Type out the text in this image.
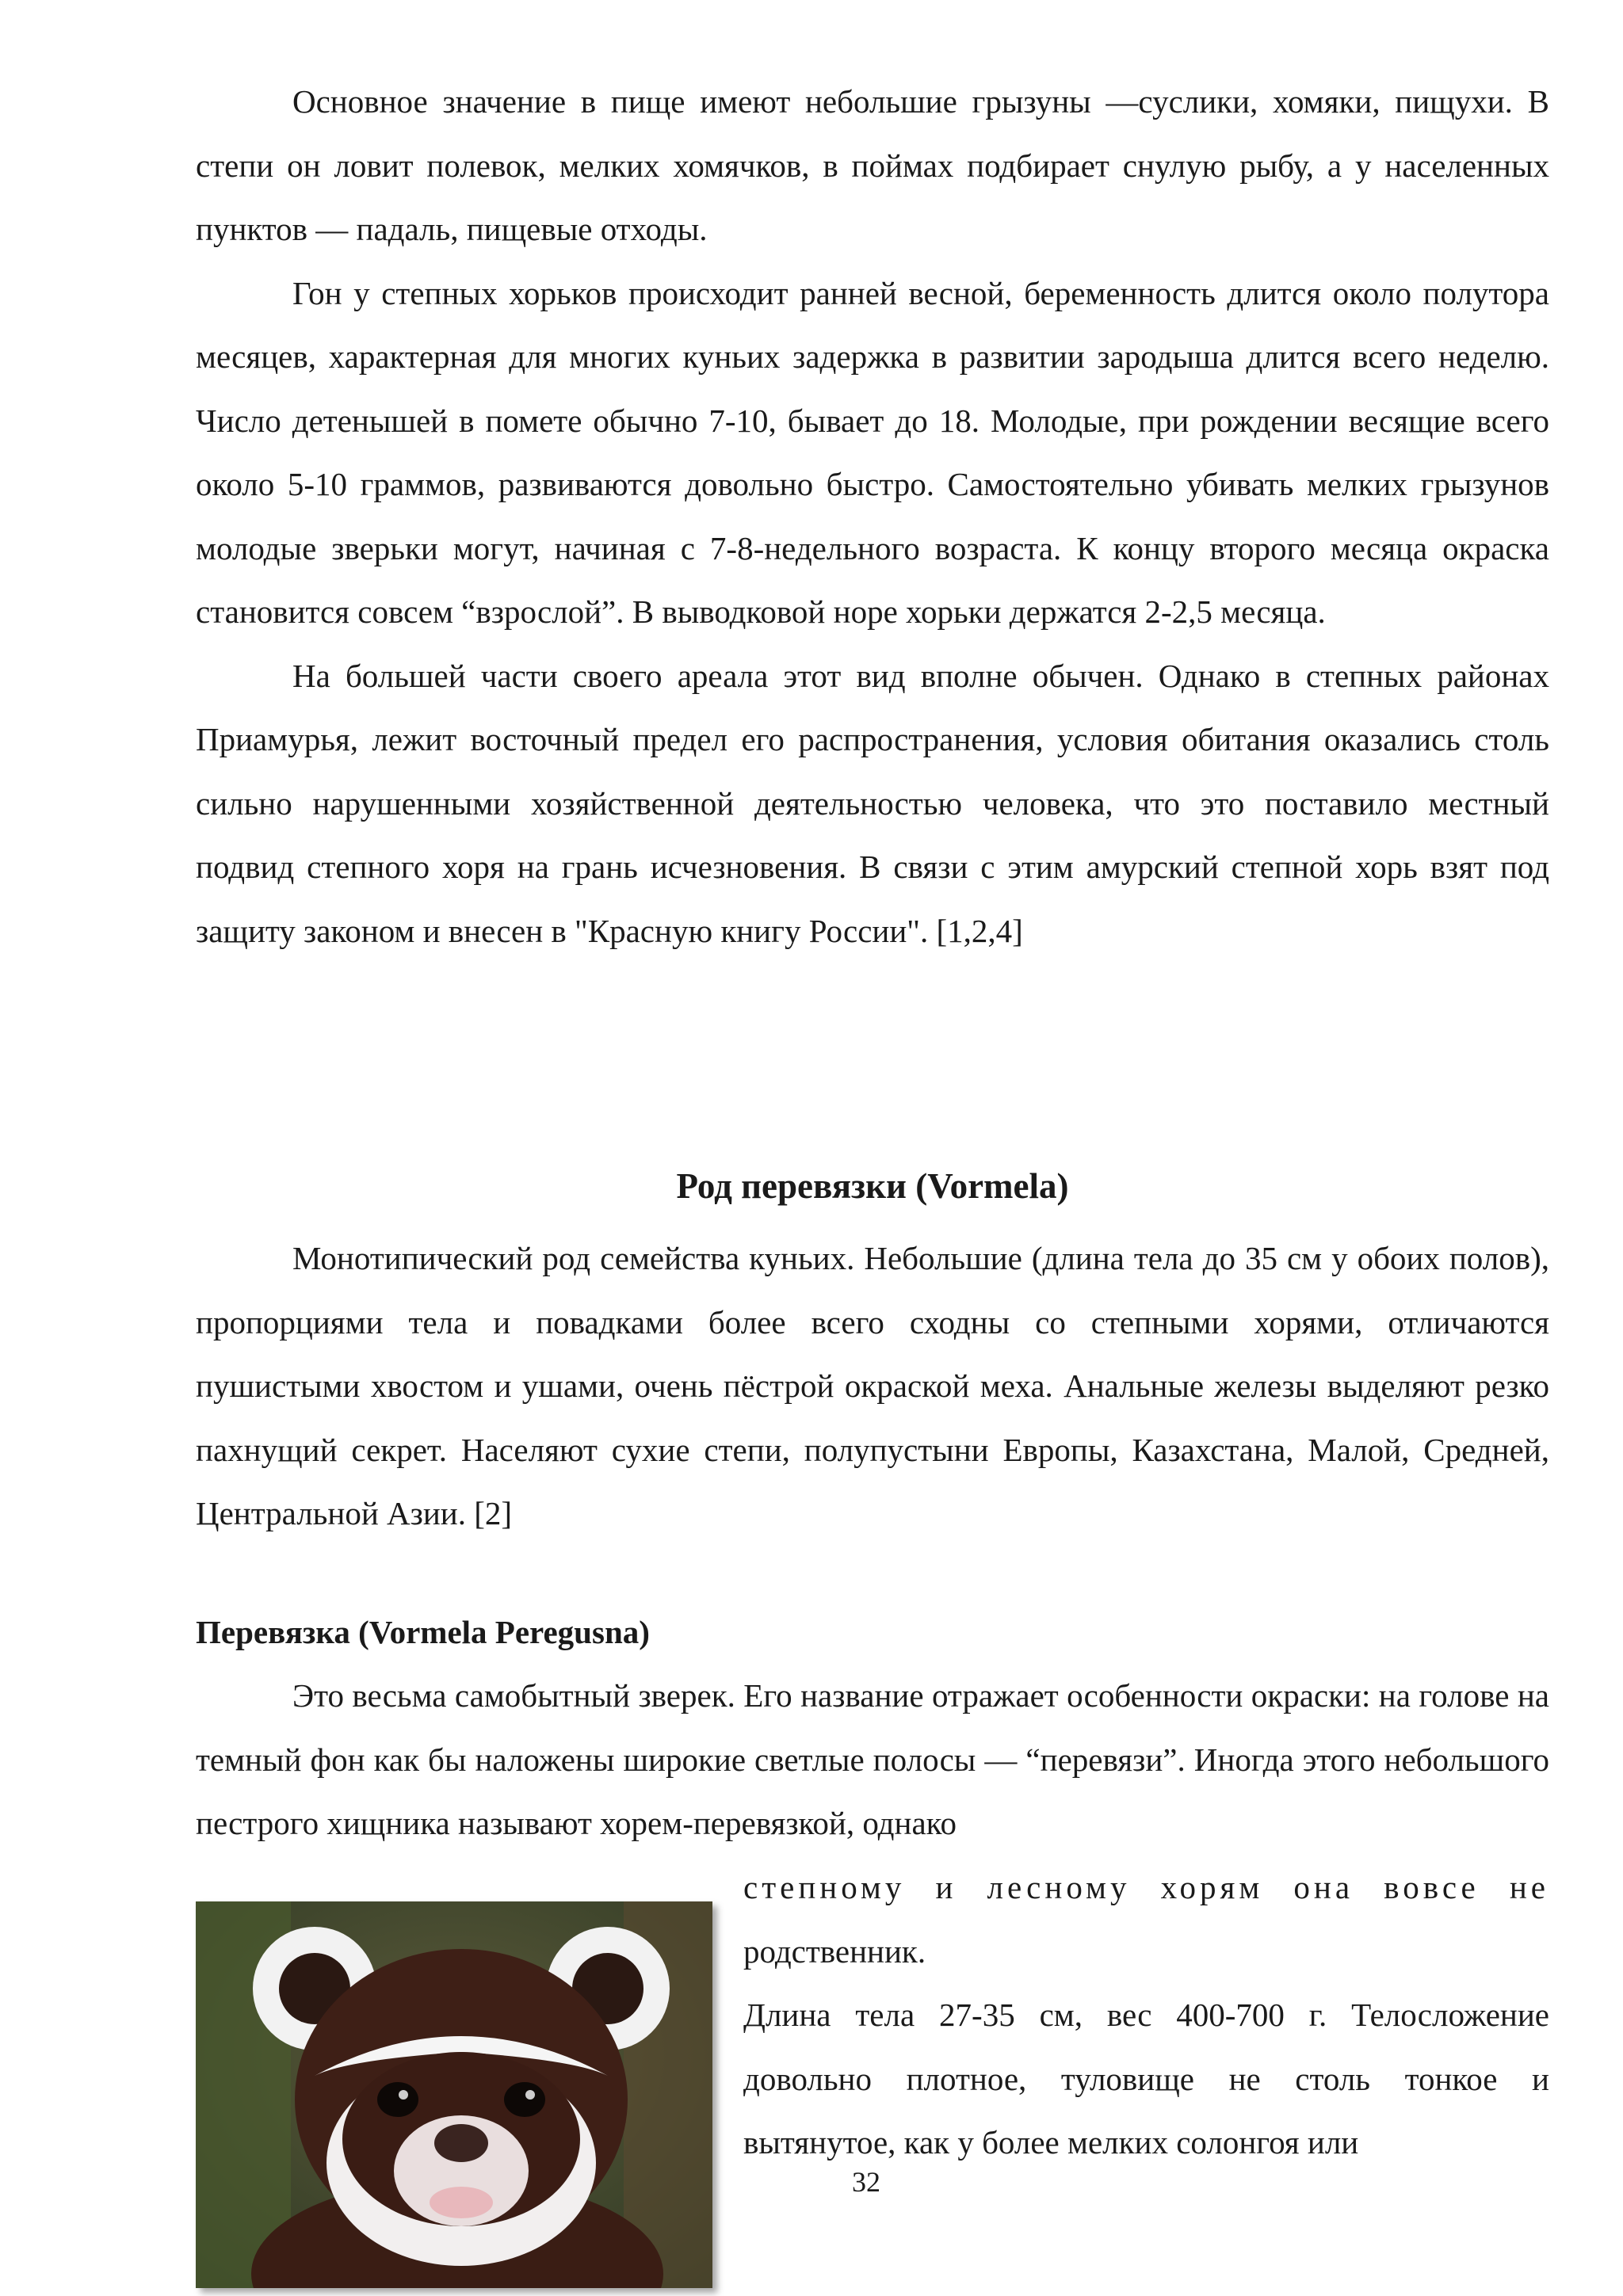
Основное значение в пище имеют небольшие грызуны —суслики, хомяки, пищухи. В степи он ловит полевок, мелких хомячков, в поймах подбирает снулую рыбу, а у населенных пунктов — падаль, пищевые отходы.

Гон у степных хорьков происходит ранней весной, беременность длится около полутора месяцев, характерная для многих куньих задержка в развитии зародыша длится всего неделю. Число детенышей в помете обычно 7-10, бывает до 18. Молодые, при рождении весящие всего около 5-10 граммов, развиваются довольно быстро. Самостоятельно убивать мелких грызунов молодые зверьки могут, начиная с 7-8-недельного возраста. К концу второго месяца окраска становится совсем “взрослой”. В выводковой норе хорьки держатся 2-2,5 месяца.

На большей части своего ареала этот вид вполне обычен. Однако в степных районах Приамурья, лежит восточный предел его распространения, условия обитания оказались столь сильно нарушенными хозяйственной деятельностью человека, что это поставило местный подвид степного хоря на грань исчезновения. В связи с этим амурский степной хорь взят под защиту законом и внесен в "Красную книгу России". [1,2,4]

Род перевязки (Vormela)

Монотипический род семейства куньих. Небольшие (длина тела до 35 см у обоих полов), пропорциями тела и повадками более всего сходны со степными хорями, отличаются пушистыми хвостом и ушами, очень пёстрой окраской меха. Анальные железы выделяют резко пахнущий секрет. Населяют сухие степи, полупустыни Европы, Казахстана, Малой, Средней, Центральной Азии. [2]

Перевязка (Vormela Peregusna)

Это весьма самобытный зверек. Его название отражает особенности окраски: на голове на темный фон как бы наложены широкие светлые полосы — “перевязи”. Иногда этого небольшого пестрого хищника называют хорем-перевязкой, однако

степному и лесному хорям она вовсе не

родственник.

Длина тела 27-35 см, вес 400-700 г. Телосложение довольно плотное, туловище не столь тонкое и вытянутое, как у более мелких солонгоя или

32
